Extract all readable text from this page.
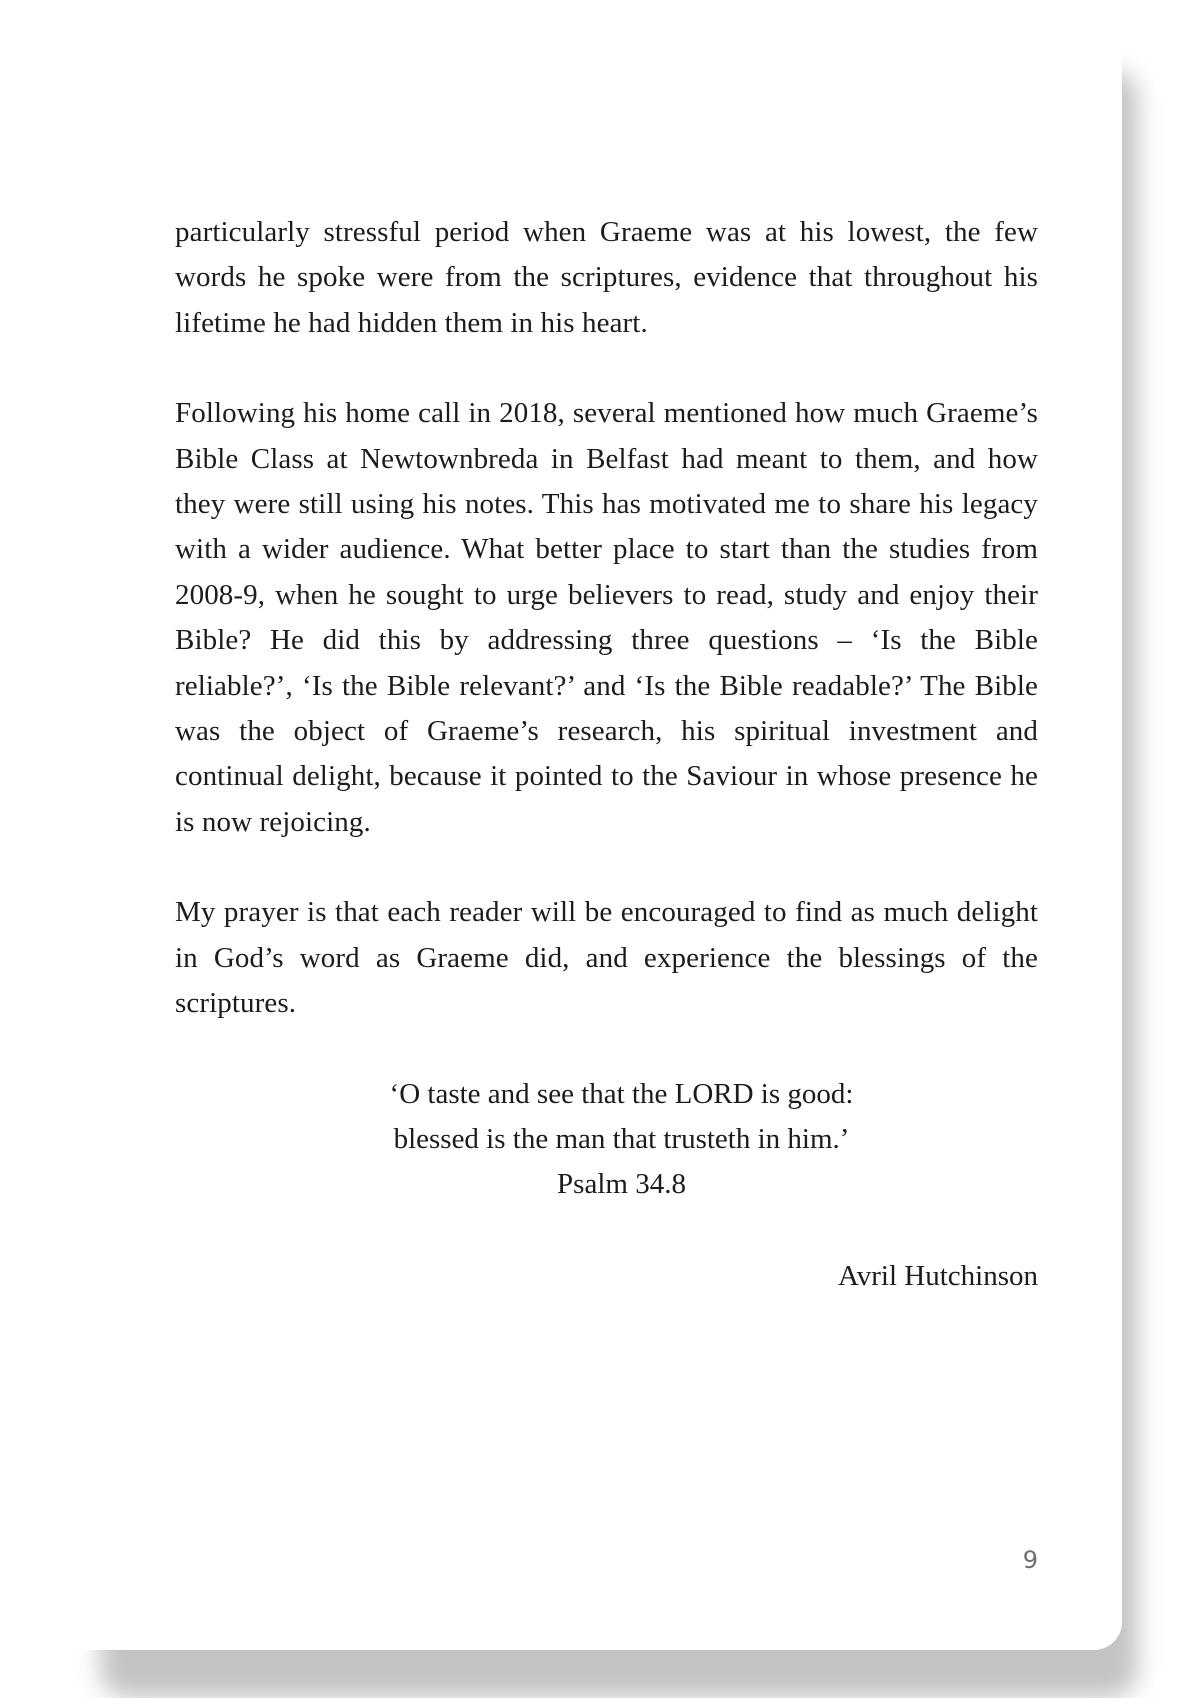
particularly stressful period when Graeme was at his lowest, the few words he spoke were from the scriptures, evidence that throughout his lifetime he had hidden them in his heart.

Following his home call in 2018, several mentioned how much Graeme’s Bible Class at Newtownbreda in Belfast had meant to them, and how they were still using his notes. This has motivated me to share his legacy with a wider audience. What better place to start than the studies from 2008-9, when he sought to urge believers to read, study and enjoy their Bible? He did this by addressing three questions – ‘Is the Bible reliable?’, ‘Is the Bible relevant?’ and ‘Is the Bible readable?’ The Bible was the object of Graeme’s research, his spiritual investment and continual delight, because it pointed to the Saviour in whose presence he is now rejoicing.

My prayer is that each reader will be encouraged to find as much delight in God’s word as Graeme did, and experience the blessings of the scriptures.

‘O taste and see that the LORD is good:
blessed is the man that trusteth in him.’
Psalm 34.8
Avril Hutchinson
9
